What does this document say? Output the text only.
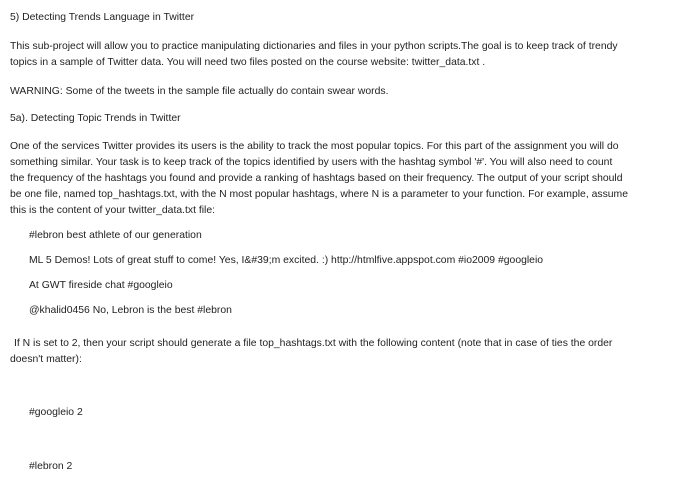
5) Detecting Trends Language in Twitter
This sub-project will allow you to practice manipulating dictionaries and files in your python scripts.The goal is to keep track of trendy
topics in a sample of Twitter data. You will need two files posted on the course website: twitter_data.txt .
WARNING: Some of the tweets in the sample file actually do contain swear words.
5a). Detecting Topic Trends in Twitter
One of the services Twitter provides its users is the ability to track the most popular topics. For this part of the assignment you will do
something similar. Your task is to keep track of the topics identified by users with the hashtag symbol '#'. You will also need to count
the frequency of the hashtags you found and provide a ranking of hashtags based on their frequency. The output of your script should
be one file, named top_hashtags.txt, with the N most popular hashtags, where N is a parameter to your function. For example, assume
this is the content of your twitter_data.txt file:
#lebron best athlete of our generation
ML 5 Demos! Lots of great stuff to come! Yes, I&#39;m excited. :) http://htmlfive.appspot.com #io2009 #googleio
At GWT fireside chat #googleio
@khalid0456 No, Lebron is the best #lebron
If N is set to 2, then your script should generate a file top_hashtags.txt with the following content (note that in case of ties the order
doesn't matter):
#googleio 2
#lebron 2
